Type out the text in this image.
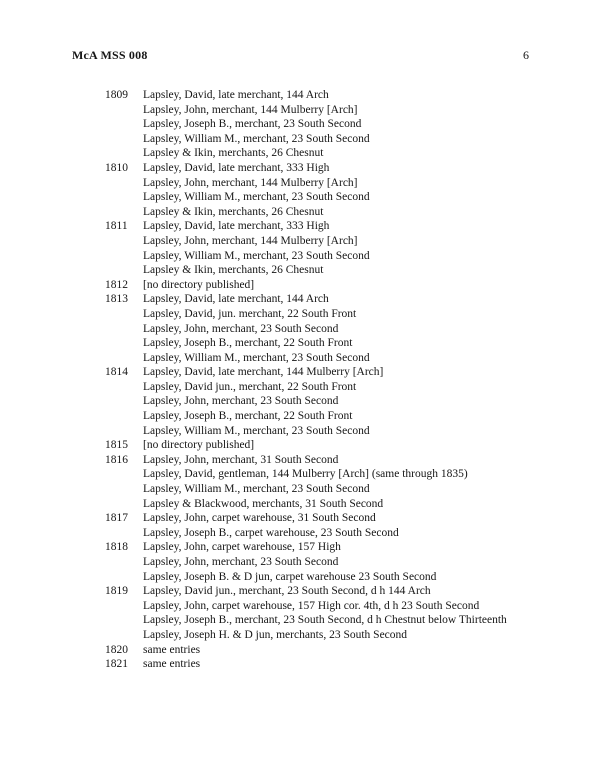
McA MSS 008	6
1809	Lapsley, David, late merchant, 144 Arch
Lapsley, John, merchant, 144 Mulberry [Arch]
Lapsley, Joseph B., merchant, 23 South Second
Lapsley, William M., merchant, 23 South Second
Lapsley & Ikin, merchants, 26 Chesnut
1810	Lapsley, David, late merchant, 333 High
Lapsley, John, merchant, 144 Mulberry [Arch]
Lapsley, William M., merchant, 23 South Second
Lapsley & Ikin, merchants, 26 Chesnut
1811	Lapsley, David, late merchant, 333 High
Lapsley, John, merchant, 144 Mulberry [Arch]
Lapsley, William M., merchant, 23 South Second
Lapsley & Ikin, merchants, 26 Chesnut
1812	[no directory published]
1813	Lapsley, David, late merchant, 144 Arch
Lapsley, David, jun. merchant, 22 South Front
Lapsley, John, merchant, 23 South Second
Lapsley, Joseph B., merchant, 22 South Front
Lapsley, William M., merchant, 23 South Second
1814	Lapsley, David, late merchant, 144 Mulberry [Arch]
Lapsley, David jun., merchant, 22 South Front
Lapsley, John, merchant, 23 South Second
Lapsley, Joseph B., merchant, 22 South Front
Lapsley, William M., merchant, 23 South Second
1815	[no directory published]
1816	Lapsley, John, merchant, 31 South Second
Lapsley, David, gentleman, 144 Mulberry [Arch] (same through 1835)
Lapsley, William M., merchant, 23 South Second
Lapsley & Blackwood, merchants, 31 South Second
1817	Lapsley, John, carpet warehouse, 31 South Second
Lapsley, Joseph B., carpet warehouse, 23 South Second
1818	Lapsley, John, carpet warehouse, 157 High
Lapsley, John, merchant, 23 South Second
Lapsley, Joseph B. & D jun, carpet warehouse 23 South Second
1819	Lapsley, David jun., merchant, 23 South Second, d h 144 Arch
Lapsley, John, carpet warehouse, 157 High cor. 4th, d h 23 South Second
Lapsley, Joseph B., merchant, 23 South Second, d h Chestnut below Thirteenth
Lapsley, Joseph H. & D jun, merchants, 23 South Second
1820	same entries
1821	same entries
